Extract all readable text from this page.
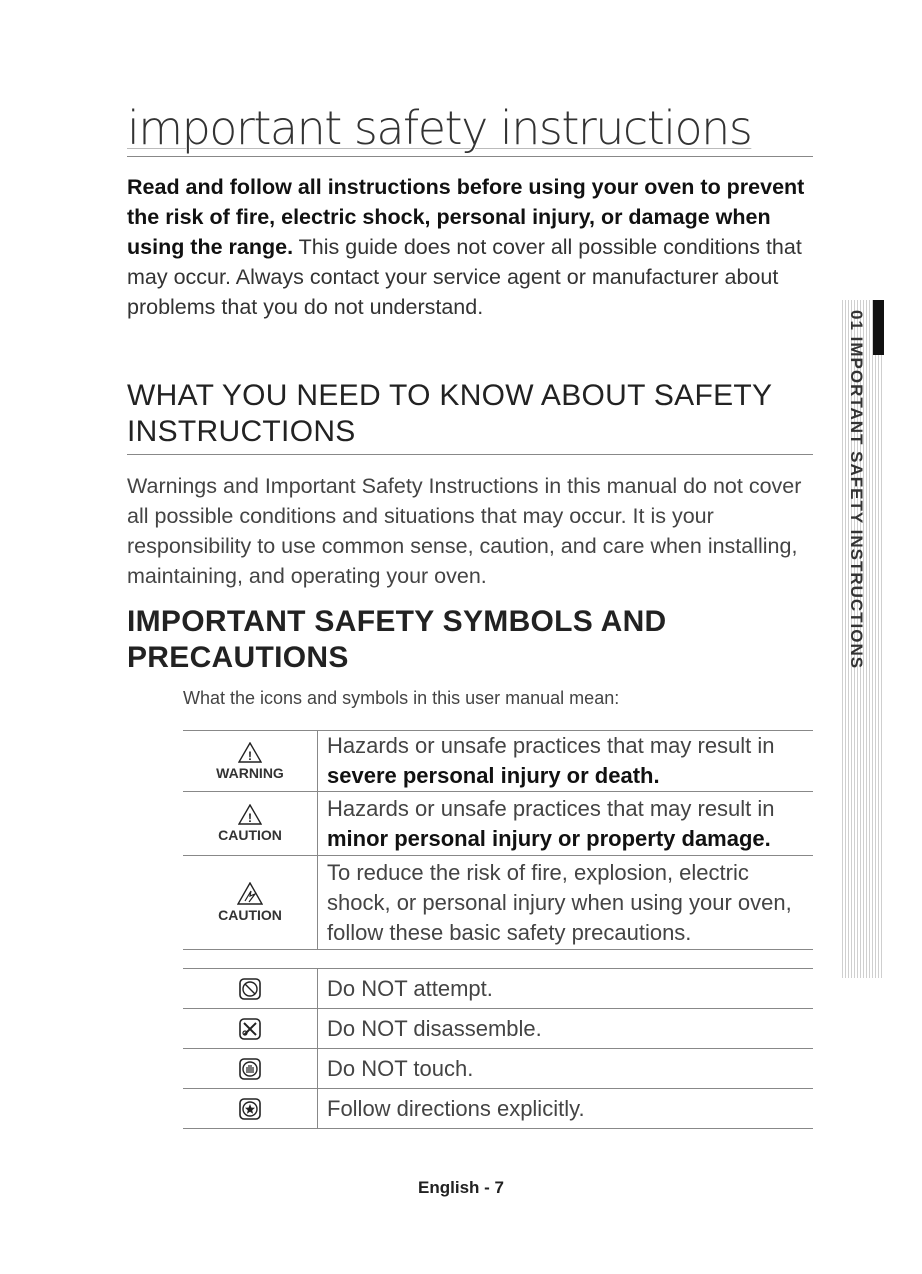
important safety instructions

Read and follow all instructions before using your oven to prevent the risk of fire, electric shock, personal injury, or damage when using the range. This guide does not cover all possible conditions that may occur. Always contact your service agent or manufacturer about problems that you do not understand.

WHAT YOU NEED TO KNOW ABOUT SAFETY INSTRUCTIONS

Warnings and Important Safety Instructions in this manual do not cover all possible conditions and situations that may occur. It is your responsibility to use common sense, caution, and care when installing, maintaining, and operating your oven.

IMPORTANT SAFETY SYMBOLS AND PRECAUTIONS

What the icons and symbols in this user manual mean:

!
WARNING	Hazards or unsafe practices that may result in
severe personal injury or death.

!
CAUTION	Hazards or unsafe practices that may result in
minor personal injury or property damage.

CAUTION	To reduce the risk of fire, explosion, electric shock, or personal injury when using your oven, follow these basic safety precautions.
	Do NOT attempt.

	Do NOT disassemble.

	Do NOT touch.

	Follow directions explicitly.
01 IMPORTANT SAFETY INSTRUCTIONS
English - 7
